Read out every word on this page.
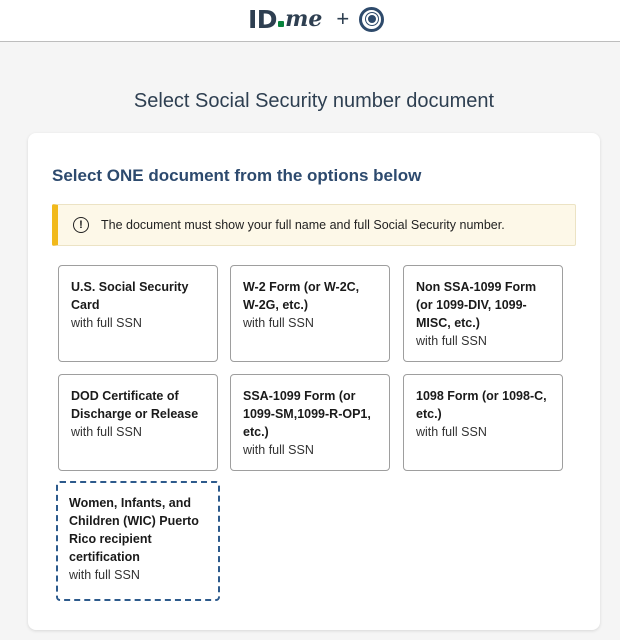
ID me +
Select Social Security number document
Select ONE document from the options below
!	The document must show your full name and full Social Security number.
U.S. Social Security Card
with full SSN
W-2 Form (or W-2C, W-2G, etc.)
with full SSN
Non SSA-1099 Form (or 1099-DIV, 1099-MISC, etc.)
with full SSN
DOD Certificate of Discharge or Release
with full SSN
SSA-1099 Form (or 1099-SM,1099-R-OP1, etc.)
with full SSN
1098 Form (or 1098-C, etc.)
with full SSN
Women, Infants, and Children (WIC) Puerto Rico recipient certification
with full SSN
